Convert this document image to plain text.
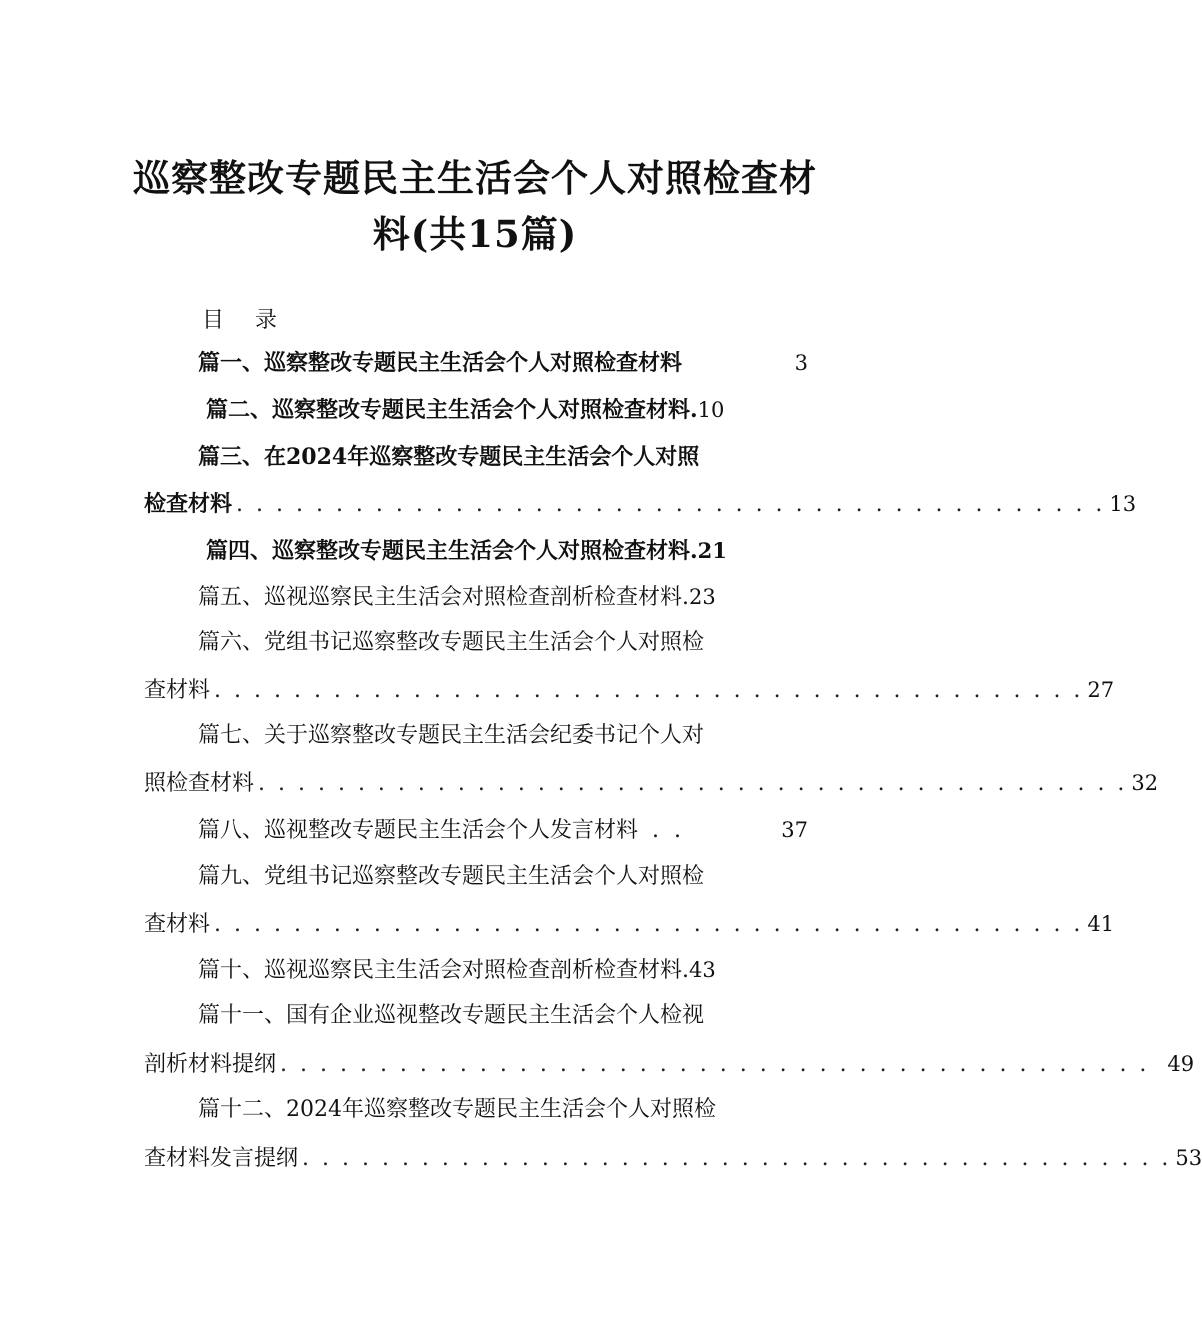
巡察整改专题民主生活会个人对照检查材
料(共15篇)
目 录
篇一、巡察整改专题民主生活会个人对照检查材料	3
篇二、巡察整改专题民主生活会个人对照检查材料. 10
篇三、在2024年巡察整改专题民主生活会个人对照
检查材料 . . . . . . . . . . . . . . . . . . . . . . . . . . . . . . . . . . . . . . . . . . . . 13
篇四、巡察整改专题民主生活会个人对照检查材料. 21
篇五、巡视巡察民主生活会对照检查剖析检查材料. 23
篇六、党组书记巡察整改专题民主生活会个人对照检
查材料 . . . . . . . . . . . . . . . . . . . . . . . . . . . . . . . . . . . . . . . . . . . . 27
篇七、关于巡察整改专题民主生活会纪委书记个人对
照检查材料 . . . . . . . . . . . . . . . . . . . . . . . . . . . . . . . . . . . . . . . . . . . . 32
篇八、巡视整改专题民主生活会个人发言材料 . .	37
篇九、党组书记巡察整改专题民主生活会个人对照检
查材料 . . . . . . . . . . . . . . . . . . . . . . . . . . . . . . . . . . . . . . . . . . . . 41
篇十、巡视巡察民主生活会对照检查剖析检查材料. 43
篇十一、国有企业巡视整改专题民主生活会个人检视
剖析材料提纲 . . . . . . . . . . . . . . . . . . . . . . . . . . . . . . . . . . . . . . . . . . . . 49
篇十二、2024年巡察整改专题民主生活会个人对照检
查材料发言提纲 . . . . . . . . . . . . . . . . . . . . . . . . . . . . . . . . . . . . . . . . . . . . 53
